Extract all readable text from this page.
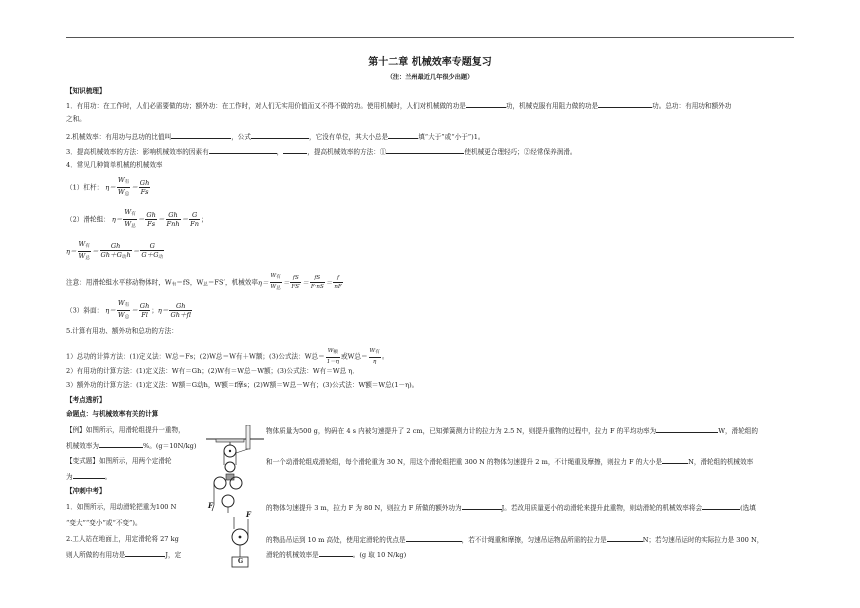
第十二章 机械效率专题复习
（注：兰州最近几年很少出题）
【知识梳理】
1．有用功：在工作时，人们必需要做的功；额外功：在工作时，对人们无实用价值而又不得不做的功。使用机械时，人们对机械做的功是	功，机械克服有用阻力做的功是	功。总功：有用功和额外功
之和。
2.机械效率：有用功与总功的比值叫	，公式	，它没有单位，其大小总是	填“大于”或“小于”)1。
3．提高机械效率的方法：影响机械效率的因素有	，	，提高机械效率的方法：①	使机械更合理轻巧；②经常保养润滑。
4．常见几种简单机械的机械效率
（1）杠杆： $\eta= \frac{W_有}{W_总} = \frac{Gh}{Fs}$
（2）滑轮组： $\eta= \frac{W_有}{W_总} = \frac{Gh}{Fs} = \frac{Gh}{\text{Fnh}} = \frac{G}{Fn}$ ；
$\eta= \frac{W_有}{W_总} = \frac{Gh}{Gh+G_动h} = \frac{G}{G+G_动}$
注意：用滑轮组水平移动物体时，$W_有=fS$，$W_总=FS'$，机械效率$\eta= \frac{W_有}{W_总} = \frac{fS}{FS'} = \frac{fS}{F\cdot nS} = \frac{f}{nF}$
（3）斜面： $\eta= \frac{W_有}{W_总} = \frac{Gh}{Fl}$ ；$\eta= \frac{Gh}{Gh+fl}$
5.计算有用功、额外功和总功的方法：
1）总功的计算方法：(1)定义法：W总＝Fs；(2)W总＝W有＋W额；(3)公式法：W总＝ $\frac{W_额}{1-\eta}$ 或W总＝ $\frac{W_有}{\eta}$ 。
2）有用功的计算方法：(1)定义法：W有＝Gh；(2)W有＝W总－W额；(3)公式法：W有＝W总 η．
3）额外功的计算方法：(1)定义法：W额＝G动h，W额＝f摩s；(2)W额＝W总－W有；(3)公式法：W额＝W总(1－η)。
【考点透析】
命题点：与机械效率有关的计算
【例】如图所示，用滑轮组提升一重物，	物体质量为500 g，钩码在 4 s 内被匀速提升了 2 cm，已知弹簧测力计的拉力为 2.5 N，则提升重物的过程中，拉力 F 的平均功率为	W，滑轮组的
机械效率为	%。(g＝10N/kg)
【变式题】如图所示，用两个定滑轮	和一个动滑轮组成滑轮组，每个滑轮重为 30 N，用这个滑轮组把重 300 N 的物体匀速提升 2 m，不计绳重及摩擦，则拉力 F 的大小是	N，滑轮组的机械效率
为	。
【冲刺中考】
1．如图所示，用动滑轮把重为100 N	的物体匀速提升 3 m，拉力 F 为 80 N，则拉力 F 所做的额外功为	J。若改用质量更小的动滑轮来提升此重物，则动滑轮的机械效率将会	(选填
“变大”“变小”或“不变”)。
2.工人站在地面上，用定滑轮将 27 kg	的物品吊运到 10 m 高处，使用定滑轮的优点是	，若不计绳重和摩擦，匀速吊运物品所需的拉力是	N；若匀速吊运时的实际拉力是 300 N，
则人所做的有用功是	J，定	滑轮的机械效率是	。(g 取 10 N/kg)
F
F
G
